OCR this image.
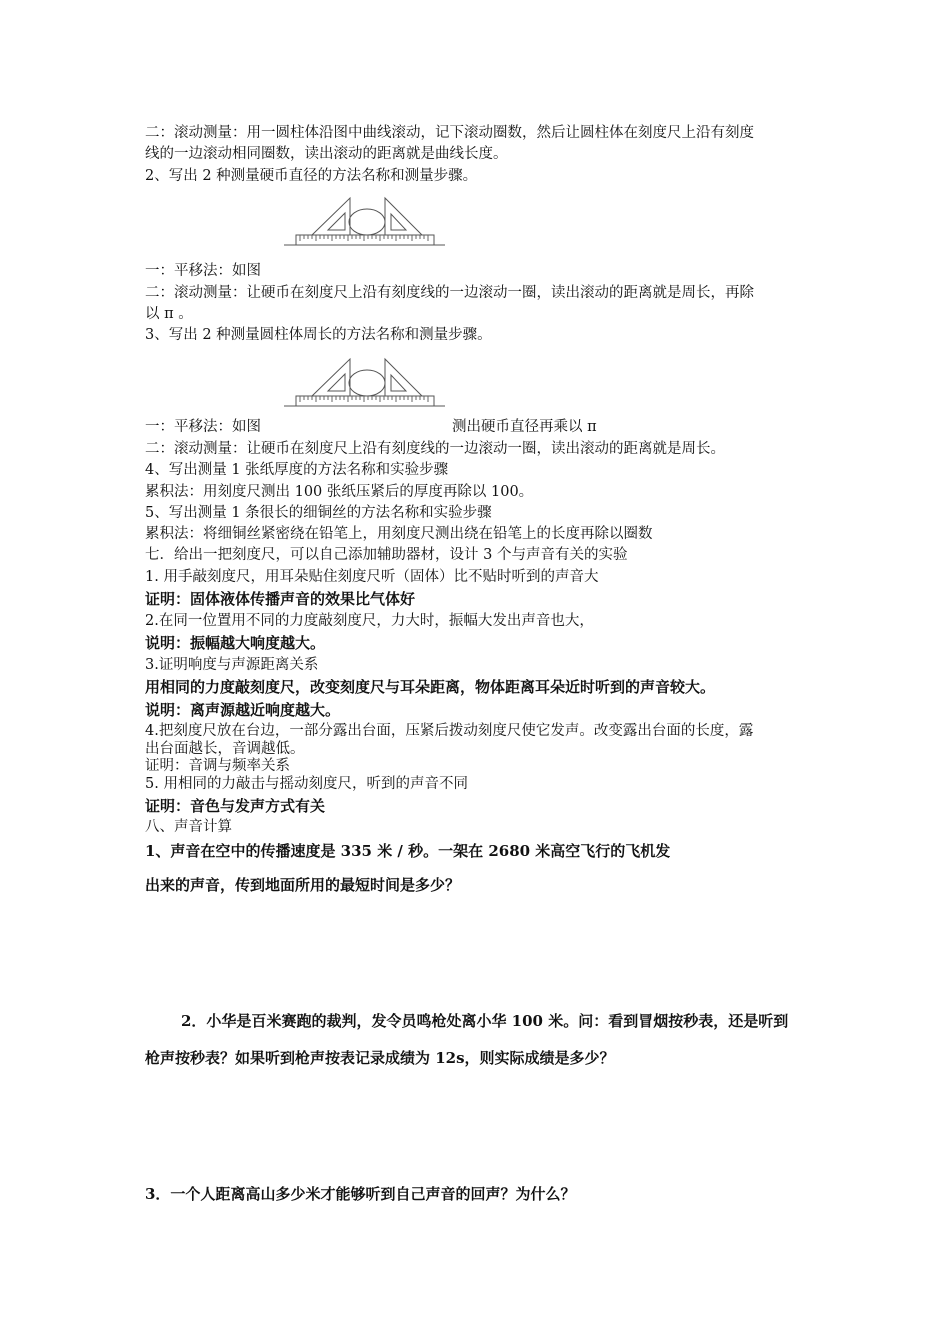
二：滚动测量：用一圆柱体沿图中曲线滚动，记下滚动圈数，然后让圆柱体在刻度尺上沿有刻度
线的一边滚动相同圈数，读出滚动的距离就是曲线长度。
2、写出 2 种测量硬币直径的方法名称和测量步骤。
一：平移法：如图
二：滚动测量：让硬币在刻度尺上沿有刻度线的一边滚动一圈，读出滚动的距离就是周长，再除
以 π 。
3、写出 2 种测量圆柱体周长的方法名称和测量步骤。
一：平移法：如图	测出硬币直径再乘以 π
二：滚动测量：让硬币在刻度尺上沿有刻度线的一边滚动一圈，读出滚动的距离就是周长。
4、写出测量 1 张纸厚度的方法名称和实验步骤
累积法：用刻度尺测出 100 张纸压紧后的厚度再除以 100。
5、写出测量 1 条很长的细铜丝的方法名称和实验步骤
累积法：将细铜丝紧密绕在铅笔上，用刻度尺测出绕在铅笔上的长度再除以圈数
七．给出一把刻度尺，可以自己添加辅助器材，设计 3 个与声音有关的实验
1. 用手敲刻度尺，用耳朵贴住刻度尺听（固体）比不贴时听到的声音大
证明：固体液体传播声音的效果比气体好
2.在同一位置用不同的力度敲刻度尺，力大时，振幅大发出声音也大，
说明：振幅越大响度越大。
3.证明响度与声源距离关系
用相同的力度敲刻度尺，改变刻度尺与耳朵距离，物体距离耳朵近时听到的声音较大。
说明：离声源越近响度越大。
4.把刻度尺放在台边，一部分露出台面，压紧后拨动刻度尺使它发声。改变露出台面的长度，露
出台面越长，音调越低。
证明：音调与频率关系
5. 用相同的力敲击与摇动刻度尺，听到的声音不同
证明：音色与发声方式有关
八、声音计算
1、声音在空中的传播速度是 335 米 / 秒。一架在 2680 米高空飞行的飞机发
出来的声音，传到地面所用的最短时间是多少？
2．小华是百米赛跑的裁判，发令员鸣枪处离小华 100 米。问：看到冒烟按秒表，还是听到
枪声按秒表？如果听到枪声按表记录成绩为 12s，则实际成绩是多少？
3．一个人距离高山多少米才能够听到自己声音的回声？为什么？
